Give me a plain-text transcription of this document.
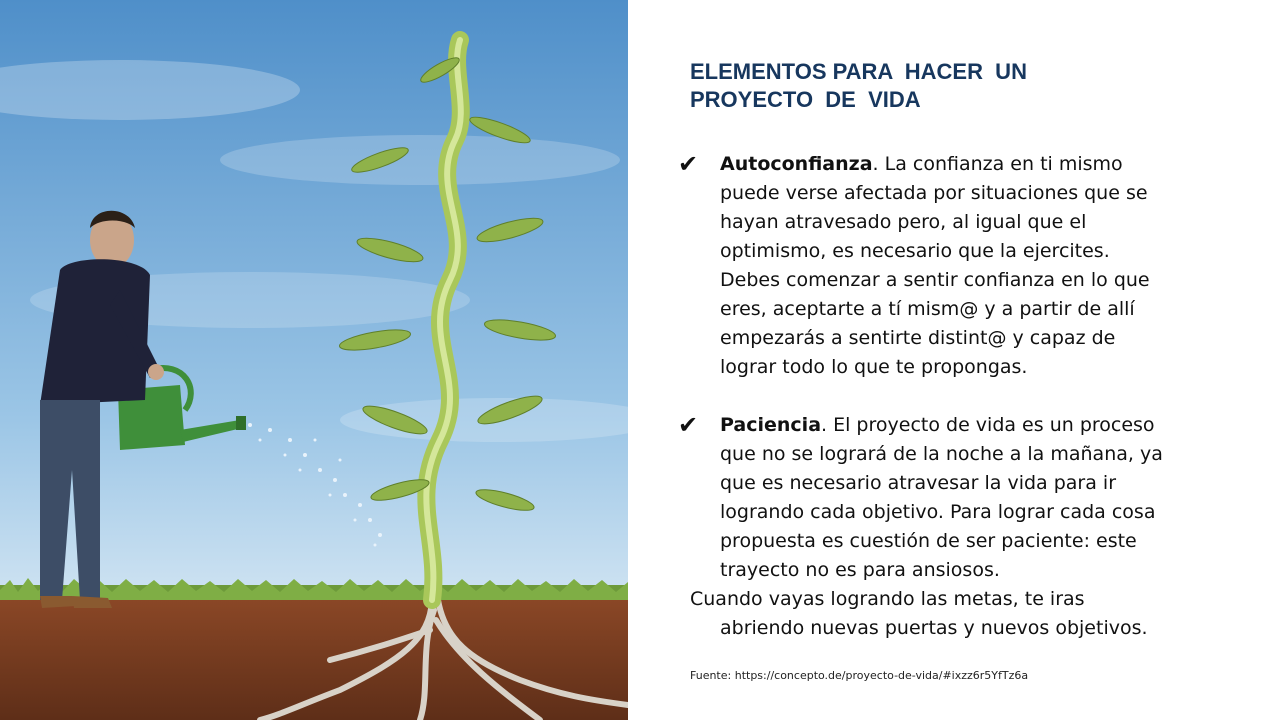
ELEMENTOS PARA  HACER  UN
PROYECTO  DE  VIDA
✔ Autoconfianza. La confianza en ti mismo puede verse afectada por situaciones que se hayan atravesado pero, al igual que el optimismo, es necesario que la ejercites. Debes comenzar a sentir confianza en lo que eres, aceptarte a tí mism@ y a partir de allí empezarás a sentirte distint@ y capaz de lograr todo lo que te propongas.

✔ Paciencia. El proyecto de vida es un proceso que no se logrará de la noche a la mañana, ya que es necesario atravesar la vida para ir logrando cada objetivo. Para lograr cada cosa propuesta es cuestión de ser paciente: este trayecto no es para ansiosos.

Cuando vayas logrando las metas, te iras abriendo nuevas puertas y nuevos objetivos.

Fuente: https://concepto.de/proyecto-de-vida/#ixzz6r5YfTz6a
